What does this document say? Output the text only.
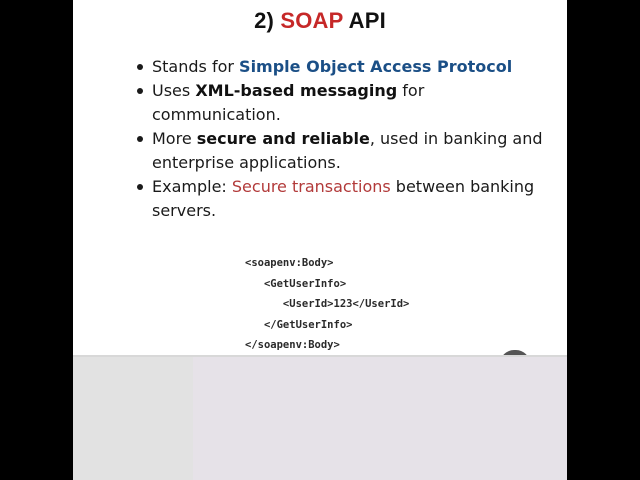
2) SOAP API
Stands for Simple Object Access Protocol
Uses XML-based messaging for communication.
More secure and reliable, used in banking and enterprise applications.
Example: Secure transactions between banking servers.
<soapenv:Body>
<GetUserInfo>
<UserId>123</UserId>
</GetUserInfo>
</soapenv:Body>
